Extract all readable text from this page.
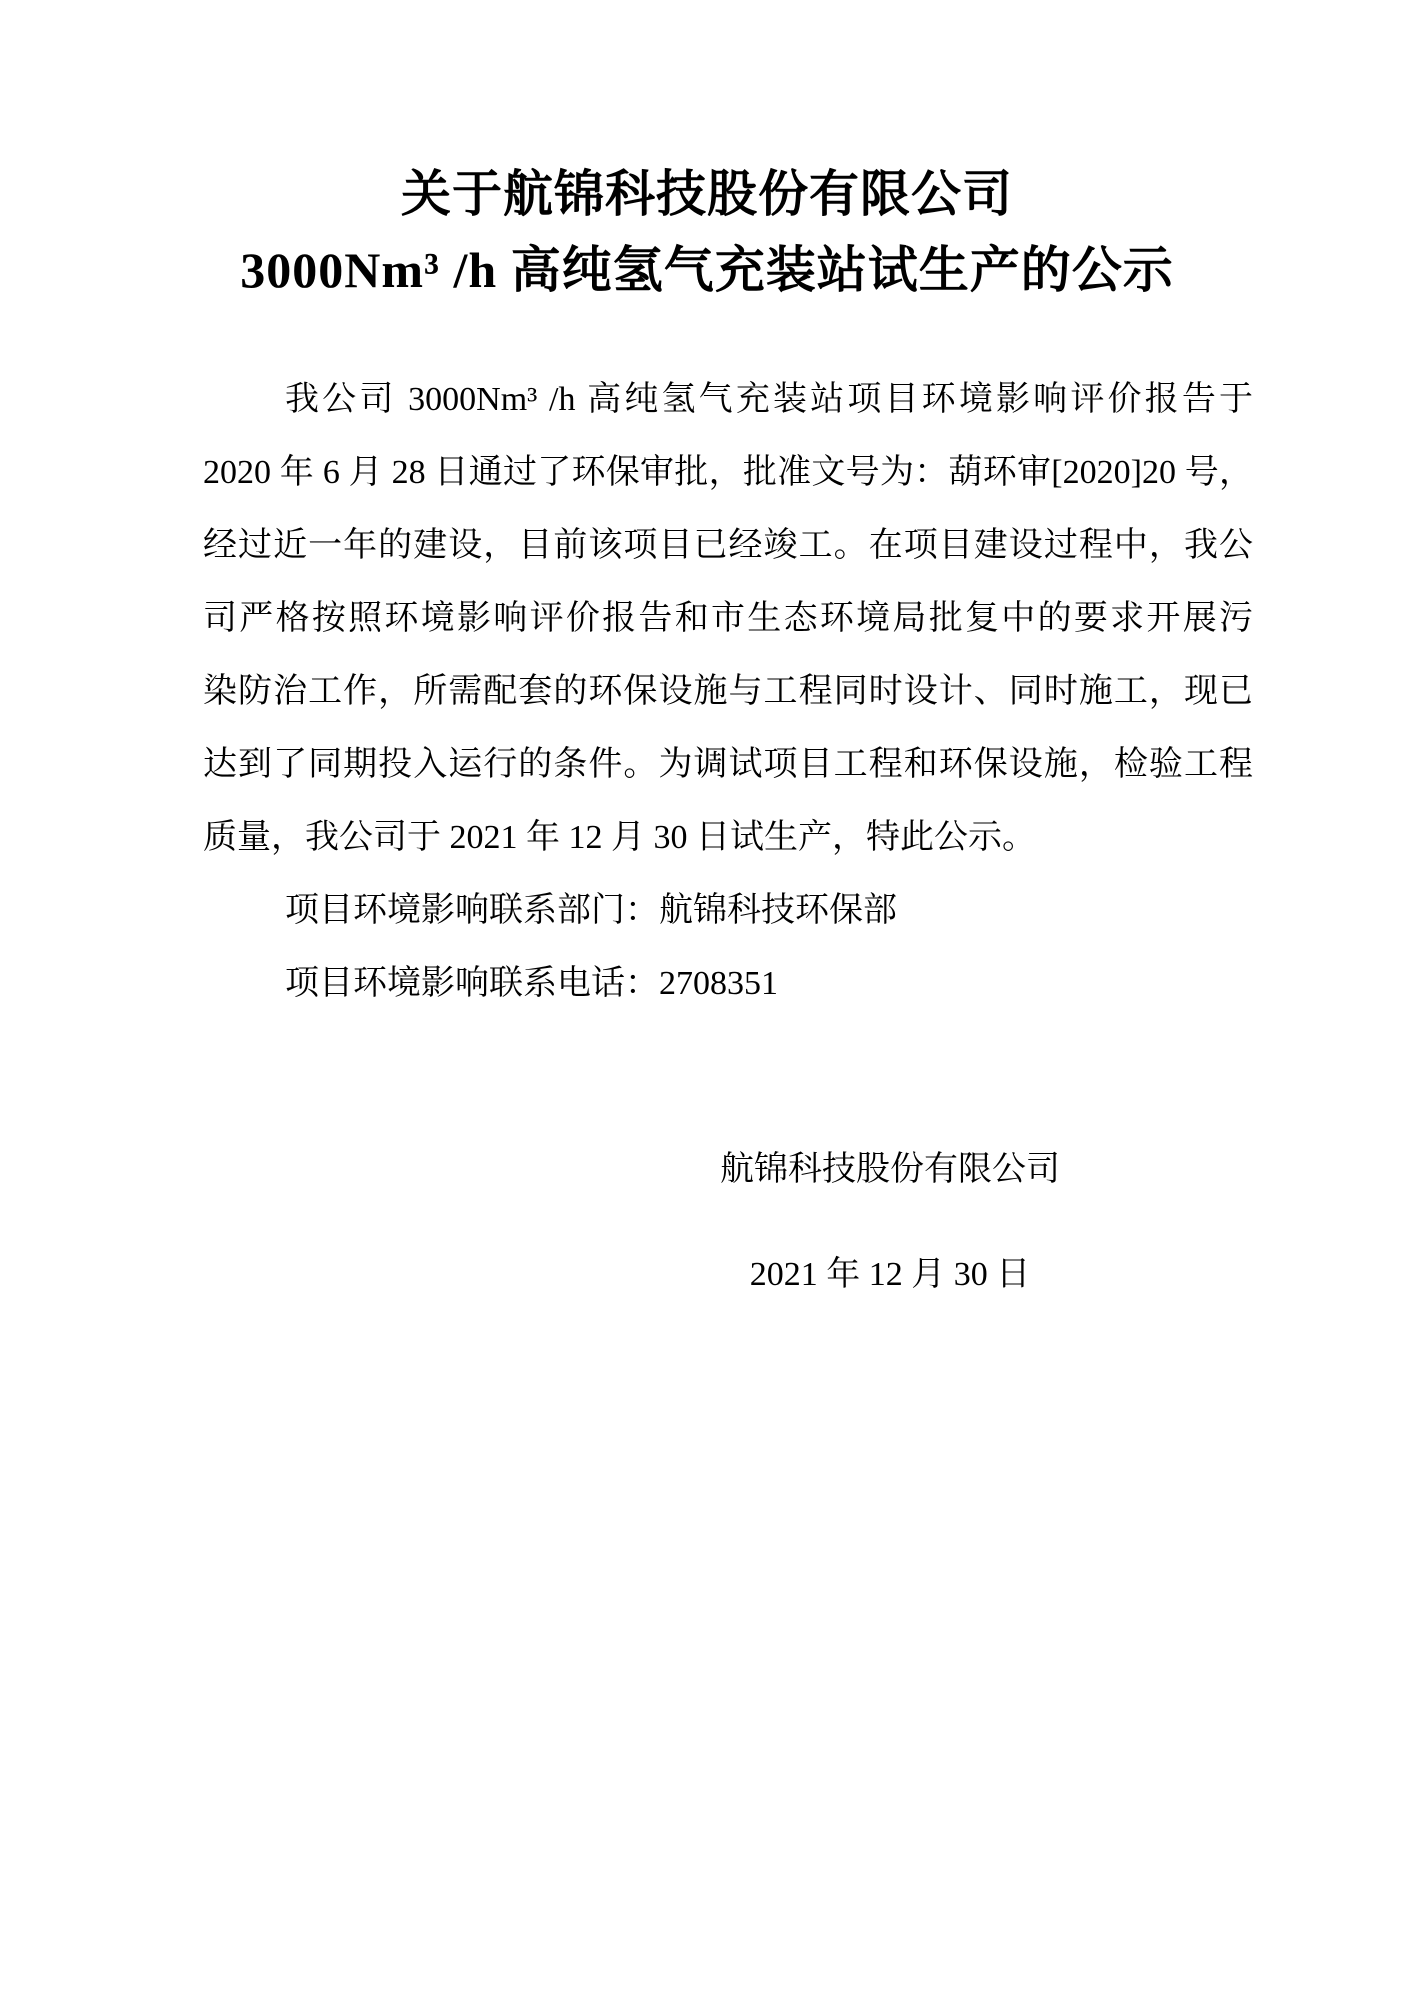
关于航锦科技股份有限公司
3000Nm³ /h 高纯氢气充装站试生产的公示
我公司 3000Nm³ /h 高纯氢气充装站项目环境影响评价报告于
2020 年 6 月 28 日通过了环保审批，批准文号为：葫环审[2020]20 号，
经过近一年的建设，目前该项目已经竣工。在项目建设过程中，我公
司严格按照环境影响评价报告和市生态环境局批复中的要求开展污
染防治工作，所需配套的环保设施与工程同时设计、同时施工，现已
达到了同期投入运行的条件。为调试项目工程和环保设施，检验工程
质量，我公司于 2021 年 12 月 30 日试生产，特此公示。
项目环境影响联系部门：航锦科技环保部
项目环境影响联系电话：2708351
航锦科技股份有限公司
2021 年 12 月 30 日
